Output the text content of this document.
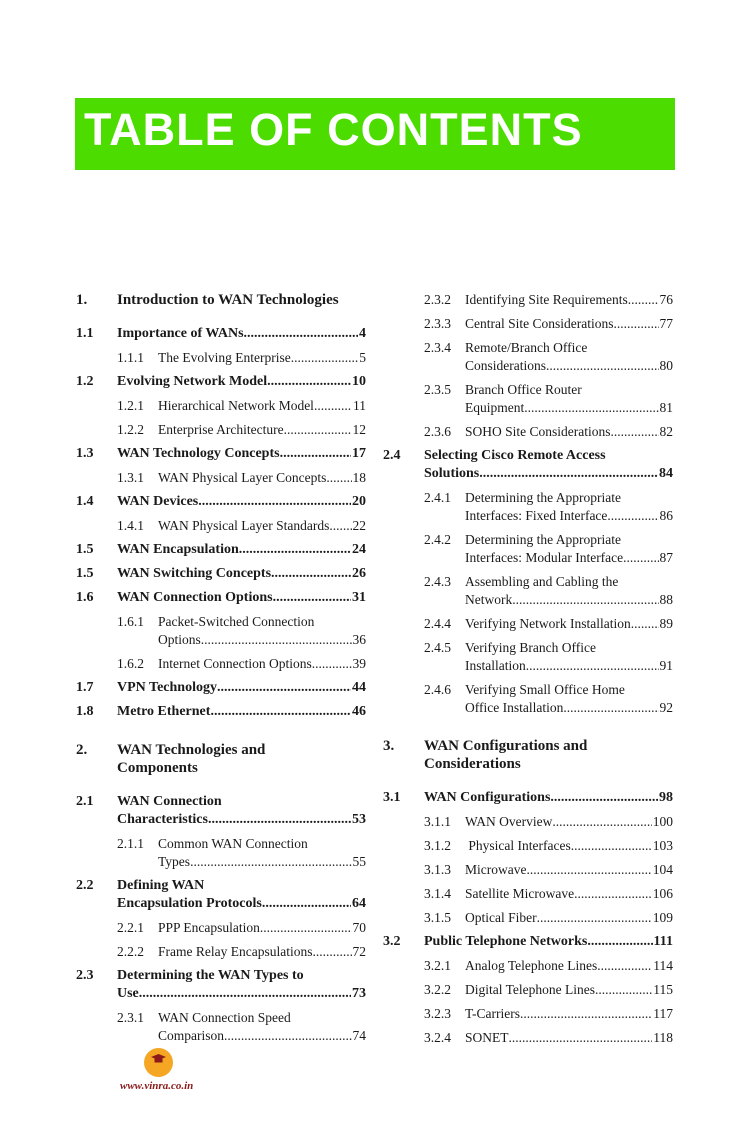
TABLE OF CONTENTS
1. Introduction to WAN Technologies
1.1 Importance of WANs .....	4
1.1.1 The Evolving Enterprise .....	5
1.2 Evolving Network Model .....	10
1.2.1 Hierarchical Network Model .....	11
1.2.2 Enterprise Architecture .....	12
1.3 WAN Technology Concepts .....	17
1.3.1 WAN Physical Layer Concepts ..... 18
1.4 WAN Devices .....	20
1.4.1 WAN Physical Layer Standards ..... 22
1.5 WAN Encapsulation .....	24
1.5 WAN Switching Concepts .....	26
1.6 WAN Connection Options .....	31
1.6.1 Packet-Switched Connection
Options .....	36
1.6.2 Internet Connection Options .....	39
1.7 VPN Technology .....	44
1.8 Metro Ethernet .....	46
2. WAN Technologies and
Components
2.1 WAN Connection
Characteristics .....	53
2.1.1 Common WAN Connection
Types .....	55
2.2 Defining WAN
Encapsulation Protocols .....	64
2.2.1 PPP Encapsulation .....	70
2.2.2 Frame Relay Encapsulations .....	72
2.3 Determining the WAN Types to
Use .....	73
2.3.1 WAN Connection Speed
Comparison .....	74
2.3.2 Identifying Site Requirements ..... 76
2.3.3 Central Site Considerations .....	77
2.3.4 Remote/Branch Office
Considerations .....	80
2.3.5 Branch Office Router
Equipment .....	81
2.3.6 SOHO Site Considerations .....	82
2.4 Selecting Cisco Remote Access
Solutions .....	84
2.4.1 Determining the Appropriate
Interfaces: Fixed Interface .....	86
2.4.2 Determining the Appropriate
Interfaces: Modular Interface .....	87
2.4.3 Assembling and Cabling the
Network .....	88
2.4.4 Verifying Network Installation ..... 89
2.4.5 Verifying Branch Office
Installation .....	91
2.4.6 Verifying Small Office Home
Office Installation .....	92
3. WAN Configurations and
Considerations
3.1 WAN Configurations .....	98
3.1.1 WAN Overview .....	100
3.1.2 Physical Interfaces .....	103
3.1.3 Microwave .....	104
3.1.4 Satellite Microwave .....	106
3.1.5 Optical Fiber .....	109
3.2 Public Telephone Networks .....	111
3.2.1 Analog Telephone Lines .....	114
3.2.2 Digital Telephone Lines .....	115
3.2.3 T-Carriers .....	117
3.2.4 SONET .....	118
www.vinra.co.in
